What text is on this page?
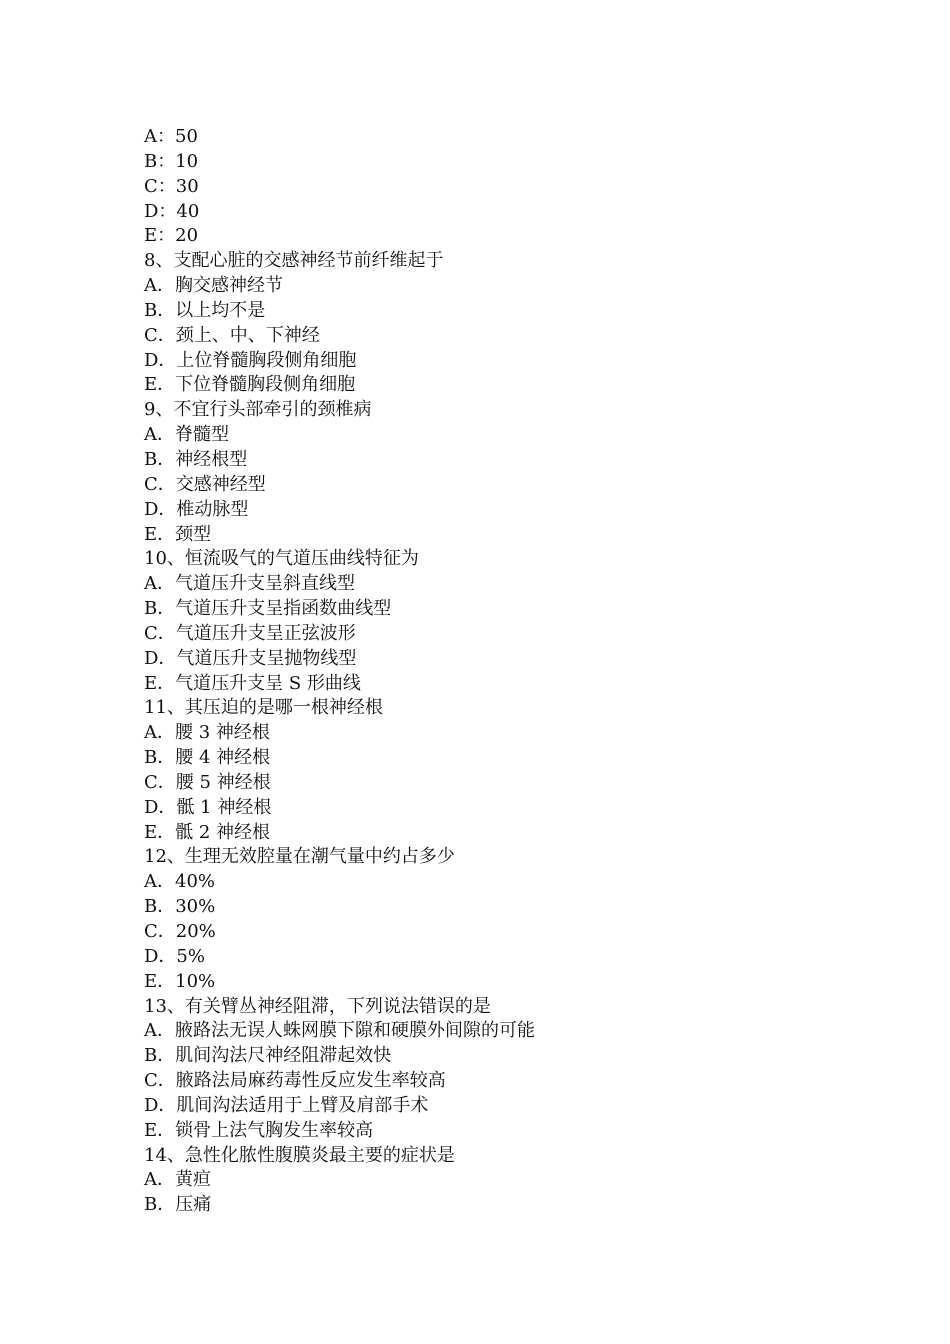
A：50
B：10
C：30
D：40
E：20
8、支配心脏的交感神经节前纤维起于
A．胸交感神经节
B．以上均不是
C．颈上、中、下神经
D．上位脊髓胸段侧角细胞
E．下位脊髓胸段侧角细胞
9、不宜行头部牵引的颈椎病
A．脊髓型
B．神经根型
C．交感神经型
D．椎动脉型
E．颈型
10、恒流吸气的气道压曲线特征为
A．气道压升支呈斜直线型
B．气道压升支呈指函数曲线型
C．气道压升支呈正弦波形
D．气道压升支呈抛物线型
E．气道压升支呈 S 形曲线
11、其压迫的是哪一根神经根
A．腰 3 神经根
B．腰 4 神经根
C．腰 5 神经根
D．骶 1 神经根
E．骶 2 神经根
12、生理无效腔量在潮气量中约占多少
A．40%
B．30%
C．20%
D．5%
E．10%
13、有关臂丛神经阻滞，下列说法错误的是
A．腋路法无误人蛛网膜下隙和硬膜外间隙的可能
B．肌间沟法尺神经阻滞起效快
C．腋路法局麻药毒性反应发生率较高
D．肌间沟法适用于上臂及肩部手术
E．锁骨上法气胸发生率较高
14、急性化脓性腹膜炎最主要的症状是
A．黄疸
B．压痛
